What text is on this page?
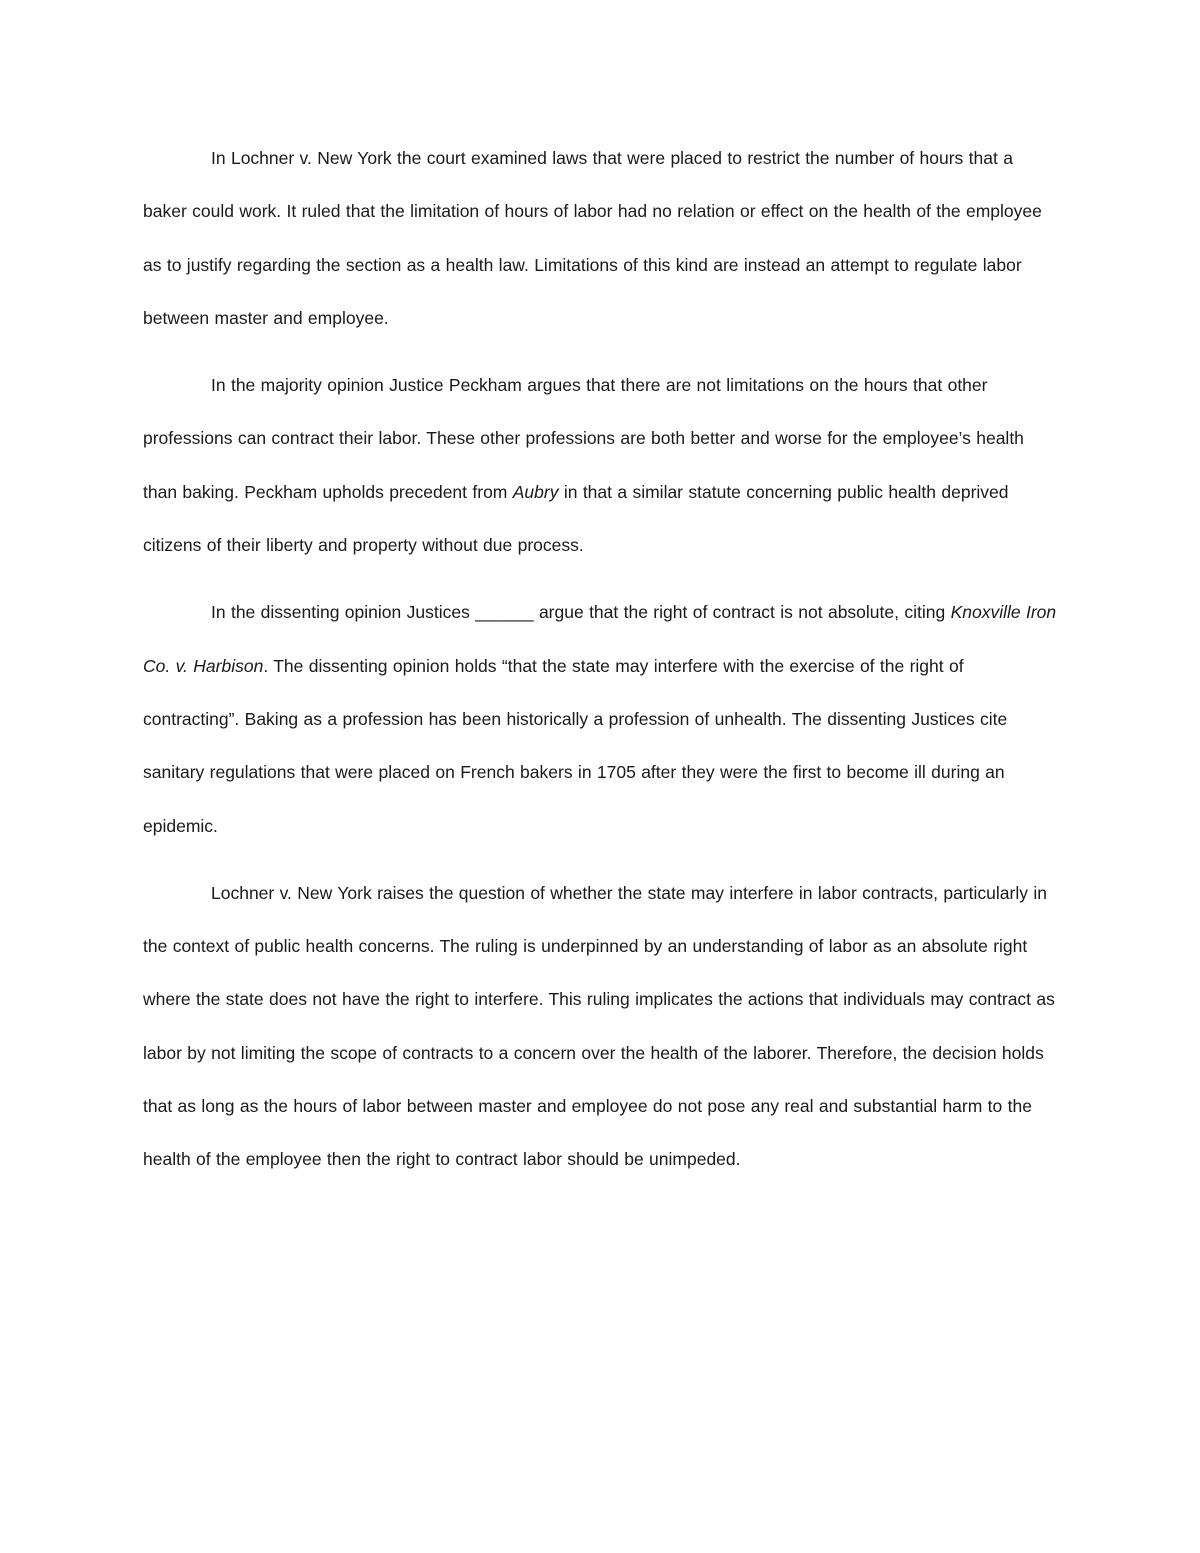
In Lochner v. New York the court examined laws that were placed to restrict the number of hours that a baker could work. It ruled that the limitation of hours of labor had no relation or effect on the health of the employee as to justify regarding the section as a health law. Limitations of this kind are instead an attempt to regulate labor between master and employee.

In the majority opinion Justice Peckham argues that there are not limitations on the hours that other professions can contract their labor. These other professions are both better and worse for the employee’s health than baking. Peckham upholds precedent from Aubry in that a similar statute concerning public health deprived citizens of their liberty and property without due process.

In the dissenting opinion Justices ______ argue that the right of contract is not absolute, citing Knoxville Iron Co. v. Harbison. The dissenting opinion holds “that the state may interfere with the exercise of the right of contracting”. Baking as a profession has been historically a profession of unhealth. The dissenting Justices cite sanitary regulations that were placed on French bakers in 1705 after they were the first to become ill during an epidemic.

Lochner v. New York raises the question of whether the state may interfere in labor contracts, particularly in the context of public health concerns. The ruling is underpinned by an understanding of labor as an absolute right where the state does not have the right to interfere. This ruling implicates the actions that individuals may contract as labor by not limiting the scope of contracts to a concern over the health of the laborer. Therefore, the decision holds that as long as the hours of labor between master and employee do not pose any real and substantial harm to the health of the employee then the right to contract labor should be unimpeded.
